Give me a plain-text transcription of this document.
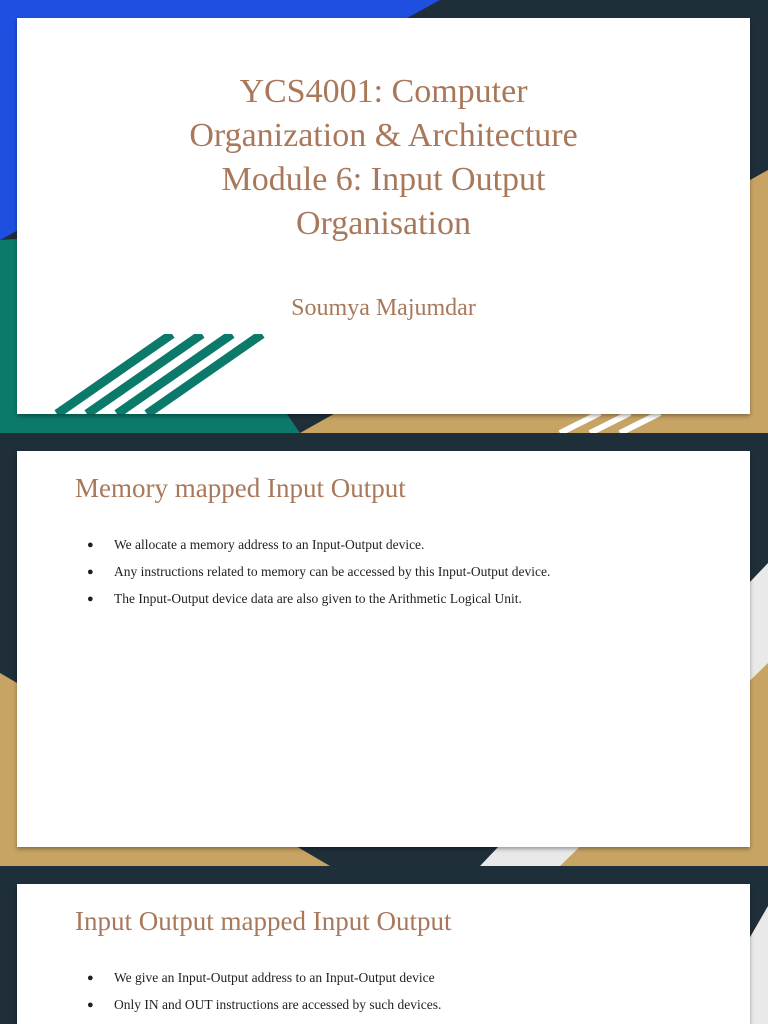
YCS4001: Computer
Organization & Architecture
Module 6: Input Output
Organisation
Soumya Majumdar
Memory mapped Input Output
● We allocate a memory address to an Input-Output device.
● Any instructions related to memory can be accessed by this Input-Output device.
● The Input-Output device data are also given to the Arithmetic Logical Unit.
Input Output mapped Input Output
● We give an Input-Output address to an Input-Output device
● Only IN and OUT instructions are accessed by such devices.
